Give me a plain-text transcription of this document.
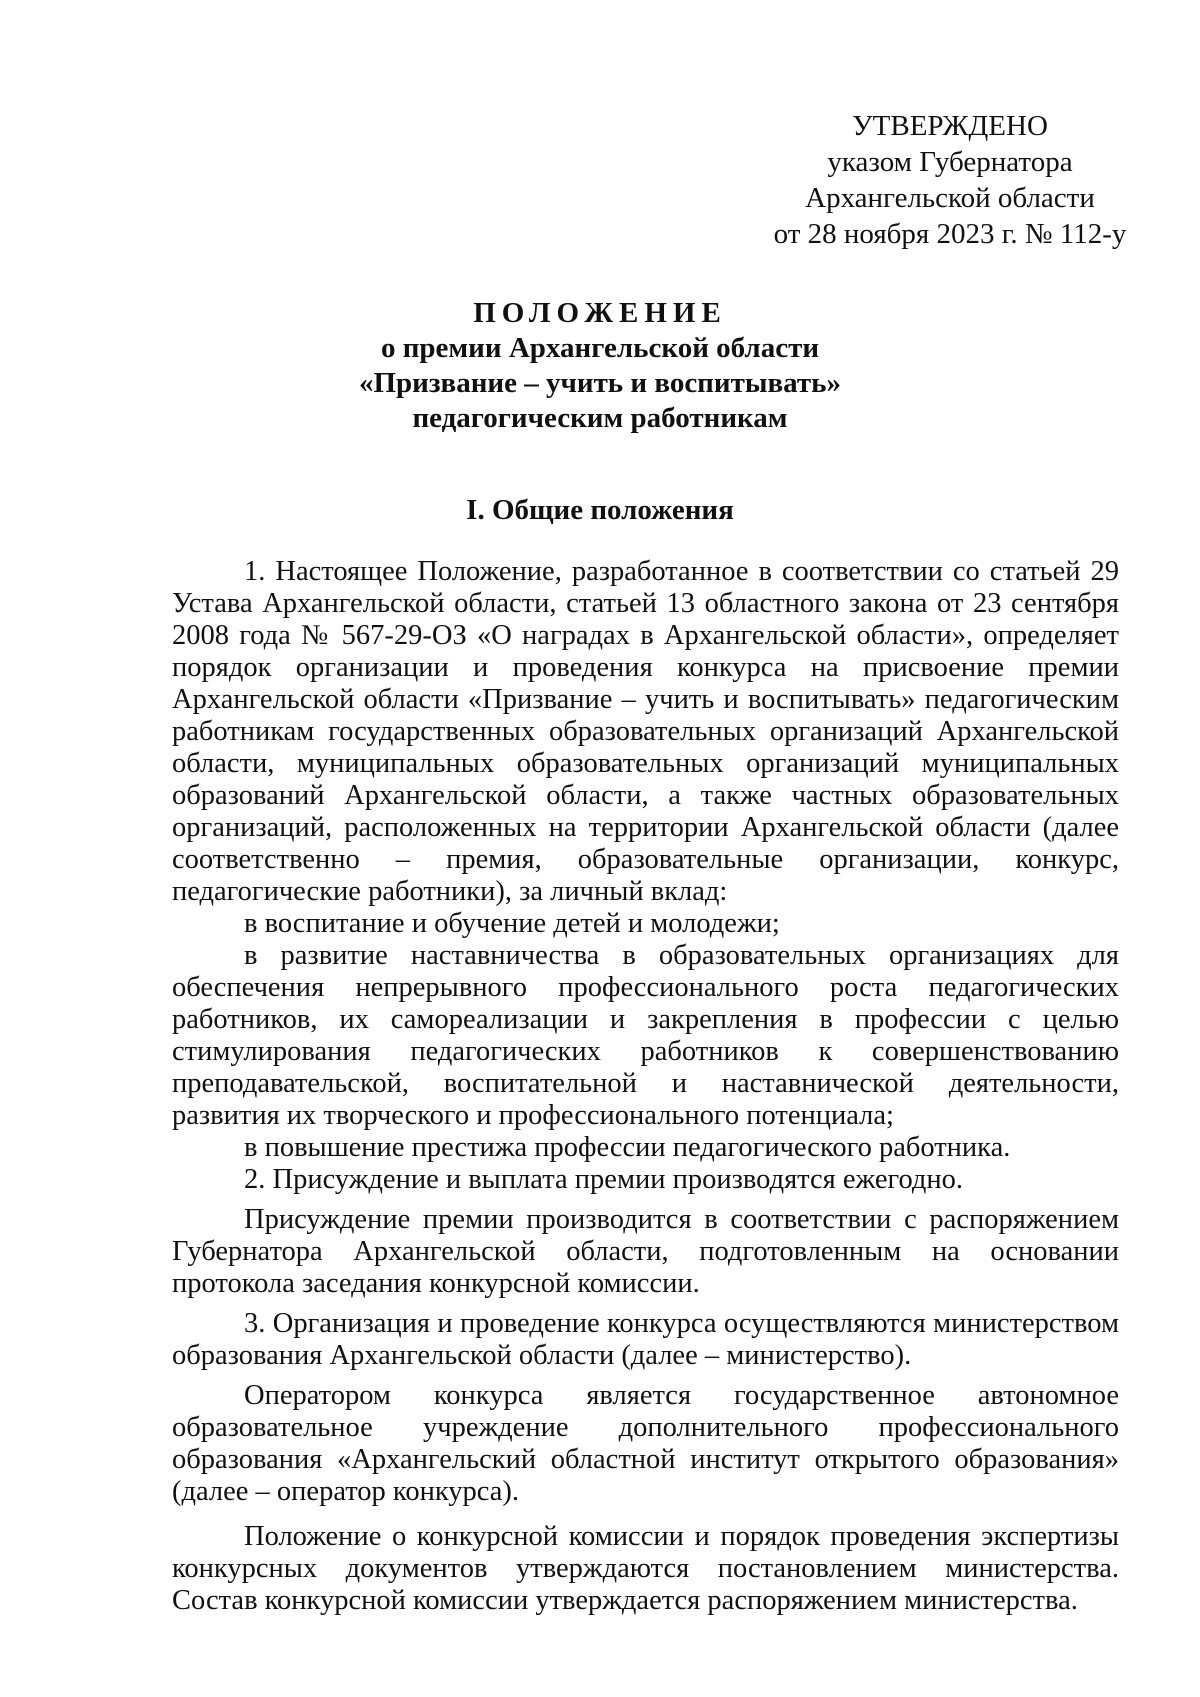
УТВЕРЖДЕНО
указом Губернатора
Архангельской области
от 28 ноября 2023 г. № 112-у
ПОЛОЖЕНИЕ
о премии Архангельской области
«Призвание – учить и воспитывать»
педагогическим работникам
I. Общие положения

1. Настоящее Положение, разработанное в соответствии со статьей 29 Устава Архангельской области, статьей 13 областного закона от 23 сентября 2008 года № 567-29-ОЗ «О наградах в Архангельской области», определяет порядок организации и проведения конкурса на присвоение премии Архангельской области «Призвание – учить и воспитывать» педагогическим работникам государственных образовательных организаций Архангельской области, муниципальных образовательных организаций муниципальных образований Архангельской области, а также частных образовательных организаций, расположенных на территории Архангельской области (далее соответственно – премия, образовательные организации, конкурс, педагогические работники), за личный вклад:

в воспитание и обучение детей и молодежи;

в развитие наставничества в образовательных организациях для обеспечения непрерывного профессионального роста педагогических работников, их самореализации и закрепления в профессии с целью стимулирования педагогических работников к совершенствованию преподавательской, воспитательной и наставнической деятельности, развития их творческого и профессионального потенциала;

в повышение престижа профессии педагогического работника.

2. Присуждение и выплата премии производятся ежегодно.

Присуждение премии производится в соответствии с распоряжением Губернатора Архангельской области, подготовленным на основании протокола заседания конкурсной комиссии.

3. Организация и проведение конкурса осуществляются министерством образования Архангельской области (далее – министерство).

Оператором конкурса является государственное автономное образовательное учреждение дополнительного профессионального образования «Архангельский областной институт открытого образования» (далее – оператор конкурса).

Положение о конкурсной комиссии и порядок проведения экспертизы конкурсных документов утверждаются постановлением министерства. Состав конкурсной комиссии утверждается распоряжением министерства.
